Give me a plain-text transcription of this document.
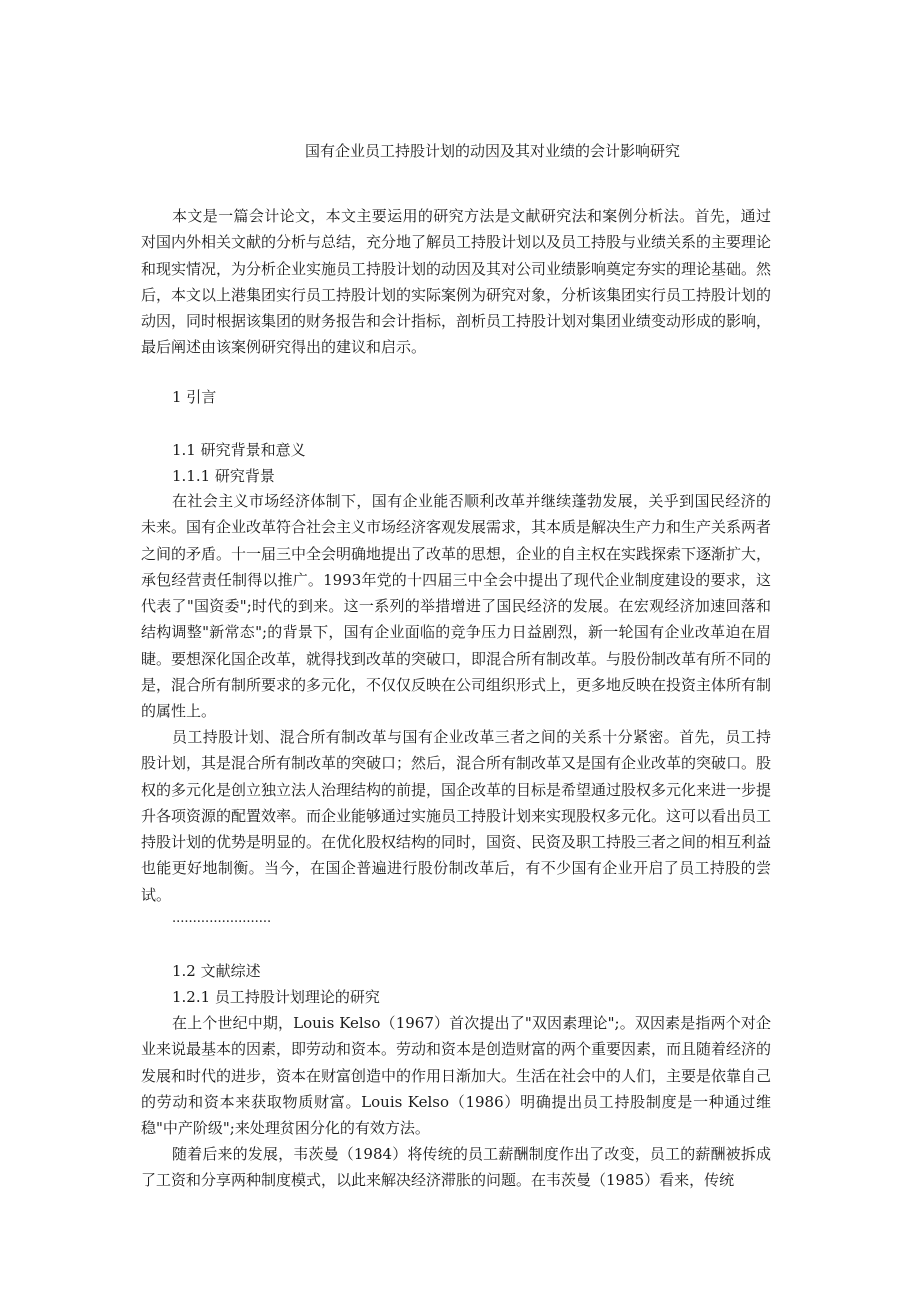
国有企业员工持股计划的动因及其对业绩的会计影响研究

本文是一篇会计论文，本文主要运用的研究方法是文献研究法和案例分析法。首先，通过对国内外相关文献的分析与总结，充分地了解员工持股计划以及员工持股与业绩关系的主要理论和现实情况，为分析企业实施员工持股计划的动因及其对公司业绩影响奠定夯实的理论基础。然后，本文以上港集团实行员工持股计划的实际案例为研究对象，分析该集团实行员工持股计划的动因，同时根据该集团的财务报告和会计指标，剖析员工持股计划对集团业绩变动形成的影响，最后阐述由该案例研究得出的建议和启示。

1 引言
1.1 研究背景和意义
1.1.1 研究背景

在社会主义市场经济体制下，国有企业能否顺利改革并继续蓬勃发展，关乎到国民经济的未来。国有企业改革符合社会主义市场经济客观发展需求，其本质是解决生产力和生产关系两者之间的矛盾。十一届三中全会明确地提出了改革的思想，企业的自主权在实践探索下逐渐扩大，承包经营责任制得以推广。1993年党的十四届三中全会中提出了现代企业制度建设的要求，这代表了"国资委";时代的到来。这一系列的举措增进了国民经济的发展。在宏观经济加速回落和结构调整"新常态";的背景下，国有企业面临的竞争压力日益剧烈，新一轮国有企业改革迫在眉睫。要想深化国企改革，就得找到改革的突破口，即混合所有制改革。与股份制改革有所不同的是，混合所有制所要求的多元化，不仅仅反映在公司组织形式上，更多地反映在投资主体所有制的属性上。

员工持股计划、混合所有制改革与国有企业改革三者之间的关系十分紧密。首先，员工持股计划，其是混合所有制改革的突破口；然后，混合所有制改革又是国有企业改革的突破口。股权的多元化是创立独立法人治理结构的前提，国企改革的目标是希望通过股权多元化来进一步提升各项资源的配置效率。而企业能够通过实施员工持股计划来实现股权多元化。这可以看出员工持股计划的优势是明显的。在优化股权结构的同时，国资、民资及职工持股三者之间的相互利益也能更好地制衡。当今，在国企普遍进行股份制改革后，有不少国有企业开启了员工持股的尝试。

........................

1.2 文献综述
1.2.1 员工持股计划理论的研究

在上个世纪中期，Louis Kelso（1967）首次提出了"双因素理论";。双因素是指两个对企业来说最基本的因素，即劳动和资本。劳动和资本是创造财富的两个重要因素，而且随着经济的发展和时代的进步，资本在财富创造中的作用日渐加大。生活在社会中的人们，主要是依靠自己的劳动和资本来获取物质财富。Louis Kelso（1986）明确提出员工持股制度是一种通过维稳"中产阶级";来处理贫困分化的有效方法。

随着后来的发展，韦茨曼（1984）将传统的员工薪酬制度作出了改变，员工的薪酬被拆成了工资和分享两种制度模式，以此来解决经济滞胀的问题。在韦茨曼（1985）看来，传统
